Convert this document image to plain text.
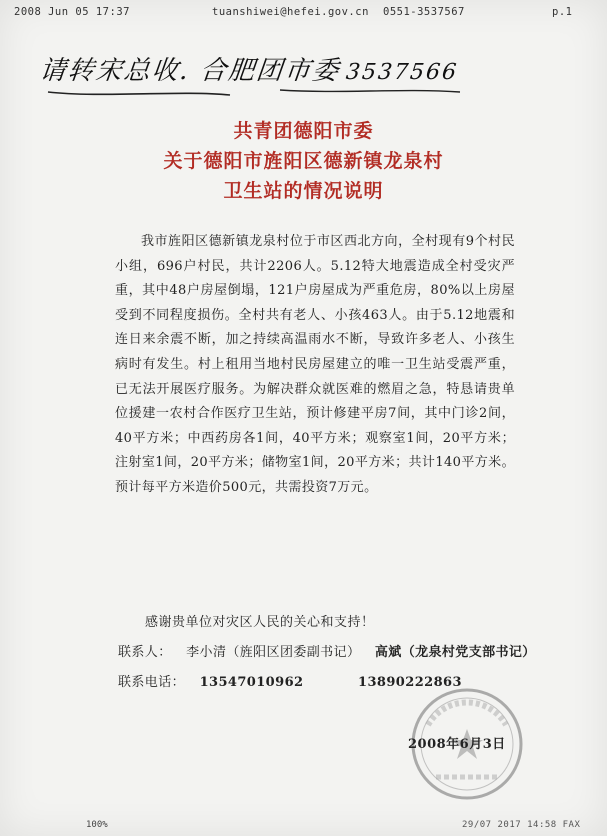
2008 Jun 05 17:37	tuanshiwei@hefei.gov.cn 0551-3537567	p.1
请转宋总收. 合肥团市委 3537566
共青团德阳市委
关于德阳市旌阳区德新镇龙泉村
卫生站的情况说明
我市旌阳区德新镇龙泉村位于市区西北方向，全村现有9个村民小组，696户村民，共计2206人。5.12特大地震造成全村受灾严重，其中48户房屋倒塌，121户房屋成为严重危房，80%以上房屋受到不同程度损伤。全村共有老人、小孩463人。由于5.12地震和连日来余震不断，加之持续高温雨水不断，导致许多老人、小孩生病时有发生。村上租用当地村民房屋建立的唯一卫生站受震严重，已无法开展医疗服务。为解决群众就医难的燃眉之急，特恳请贵单位援建一农村合作医疗卫生站，预计修建平房7间，其中门诊2间，40平方米；中西药房各1间，40平方米；观察室1间，20平方米；注射室1间，20平方米；储物室1间，20平方米；共计140平方米。预计每平方米造价500元，共需投资7万元。
感谢贵单位对灾区人民的关心和支持！
联系人： 李小清（旌阳区团委副书记） 高斌（龙泉村党支部书记）
联系电话： 13547010962	13890222863
2008年6月3日
100%	29/07 2017 14:58 FAX
